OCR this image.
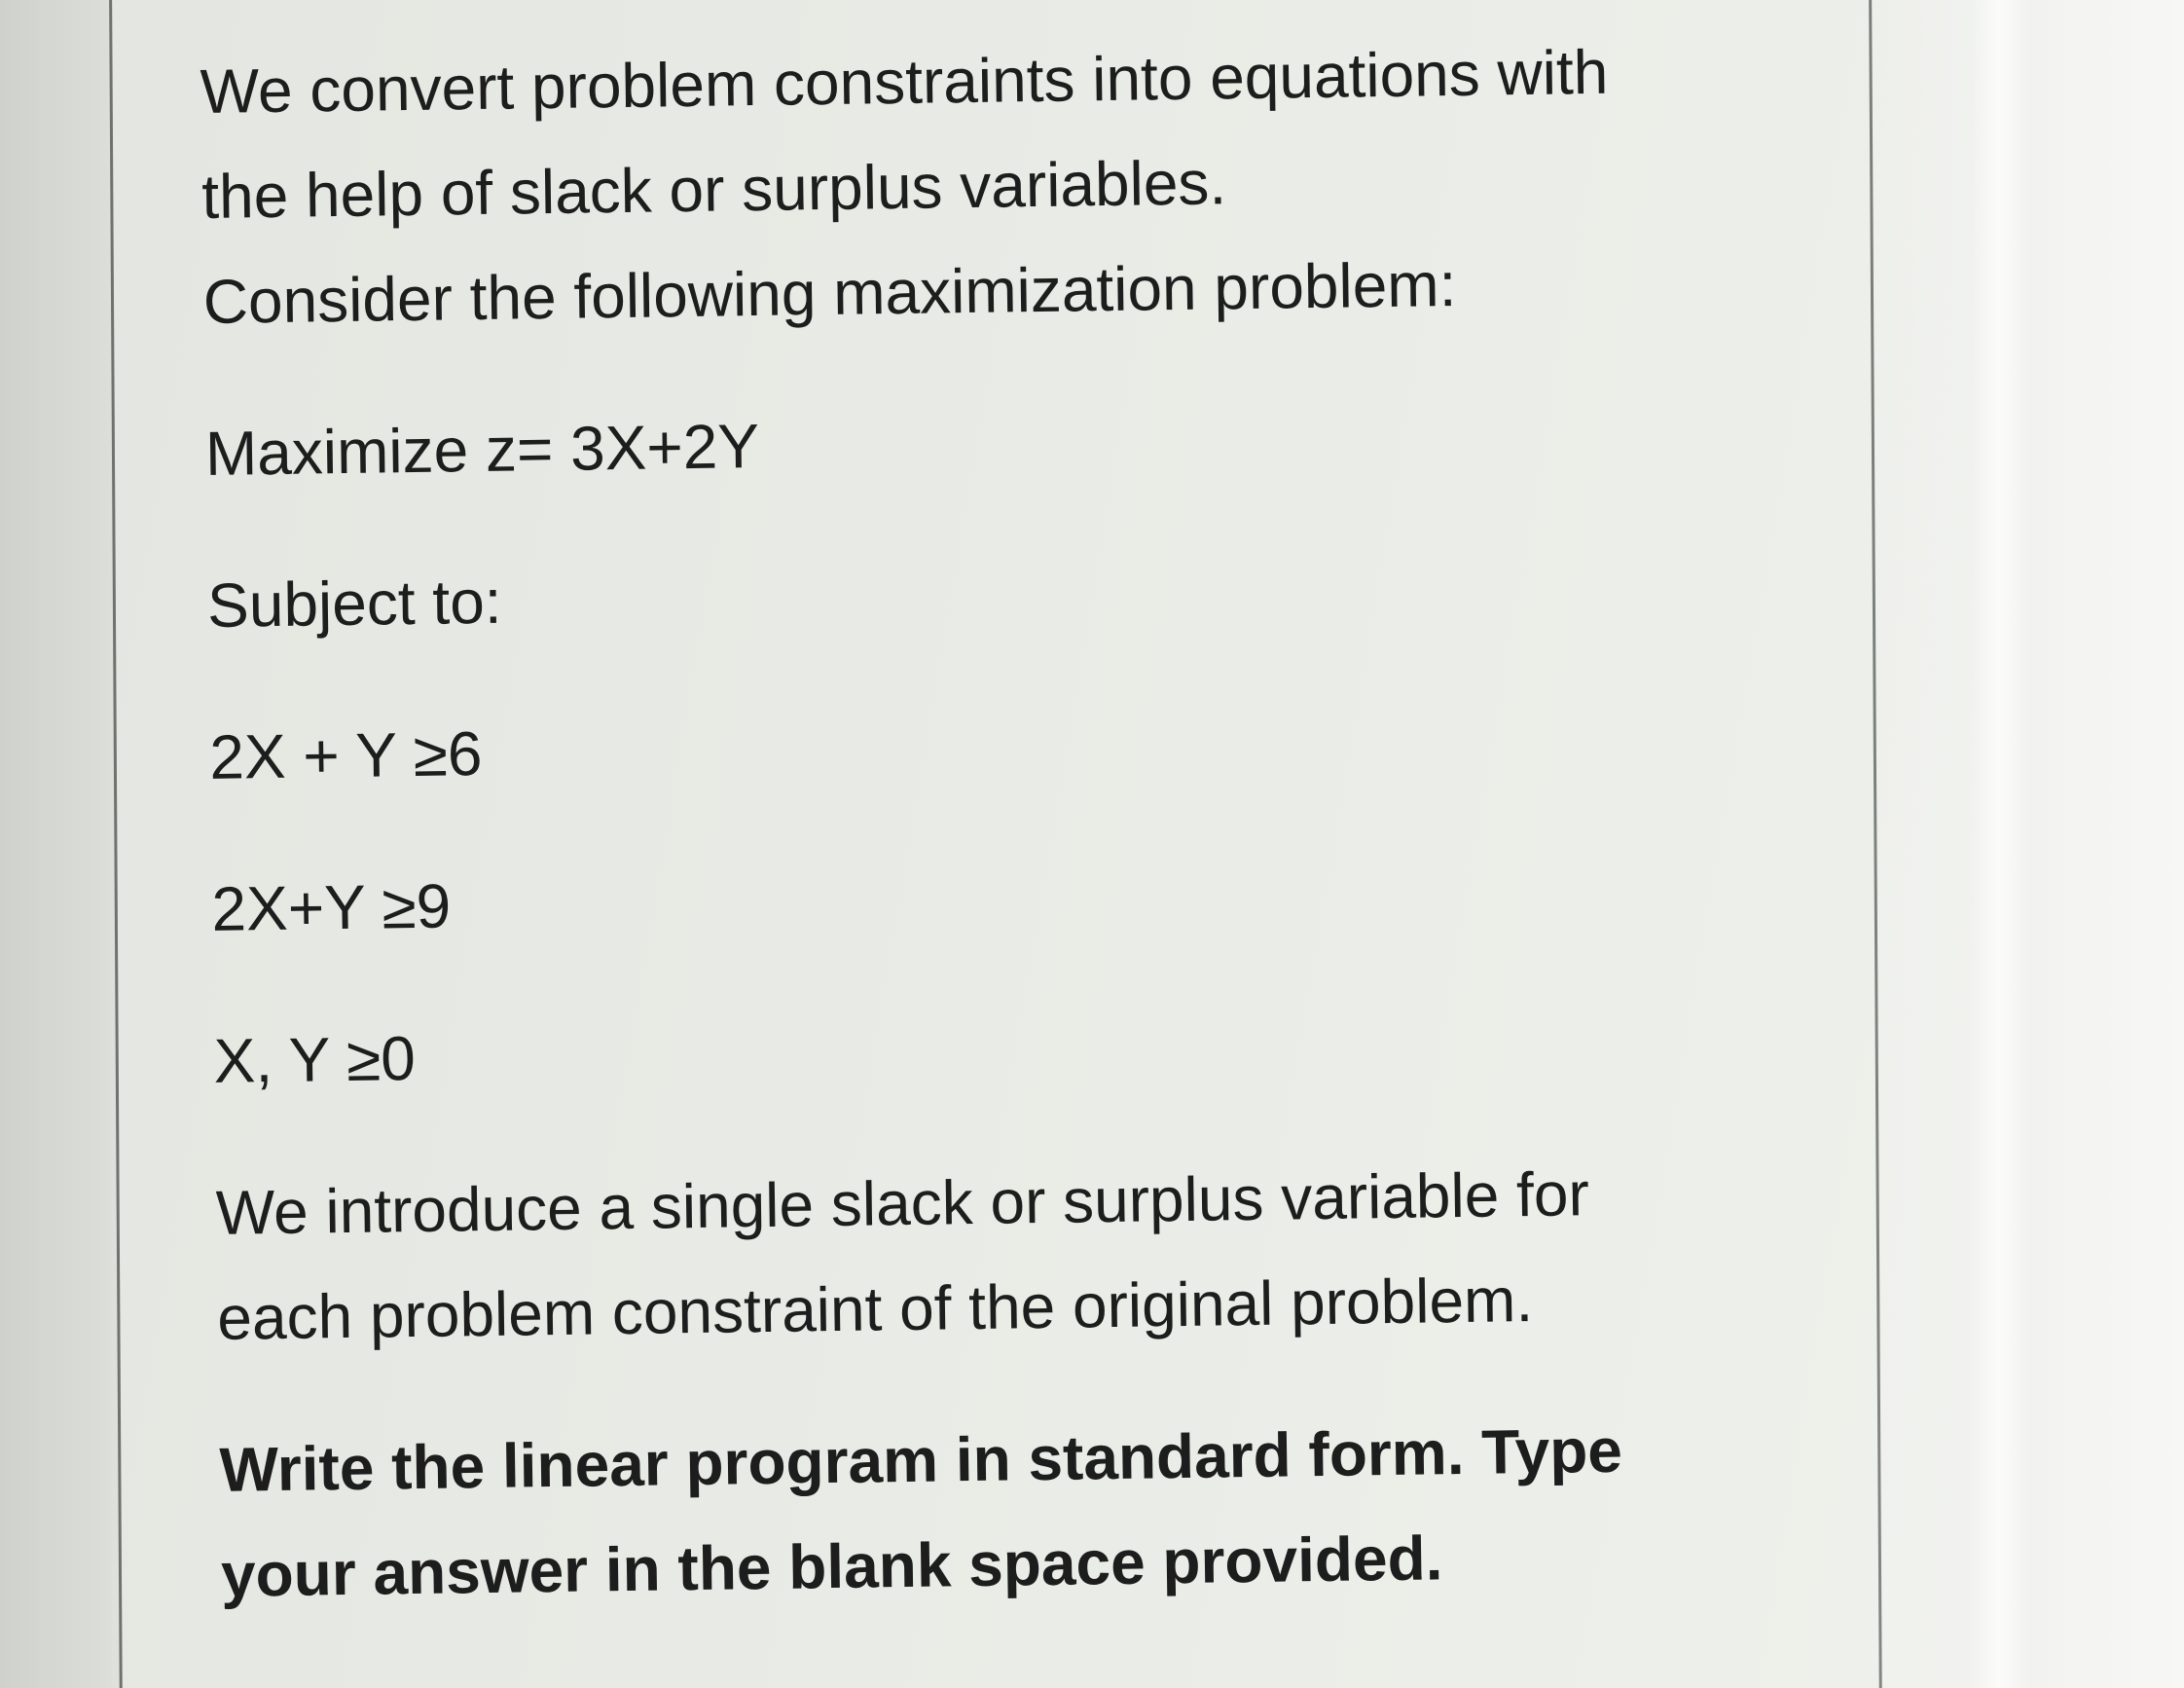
We convert problem constraints into equations with

the help of slack or surplus variables.

Consider the following maximization problem:

Maximize z= 3X+2Y

Subject to:

2X + Y ≥6

2X+Y ≥9

X, Y ≥0

We introduce a single slack or surplus variable for

each problem constraint of the original problem.

Write the linear program in standard form. Type

your answer in the blank space provided.
